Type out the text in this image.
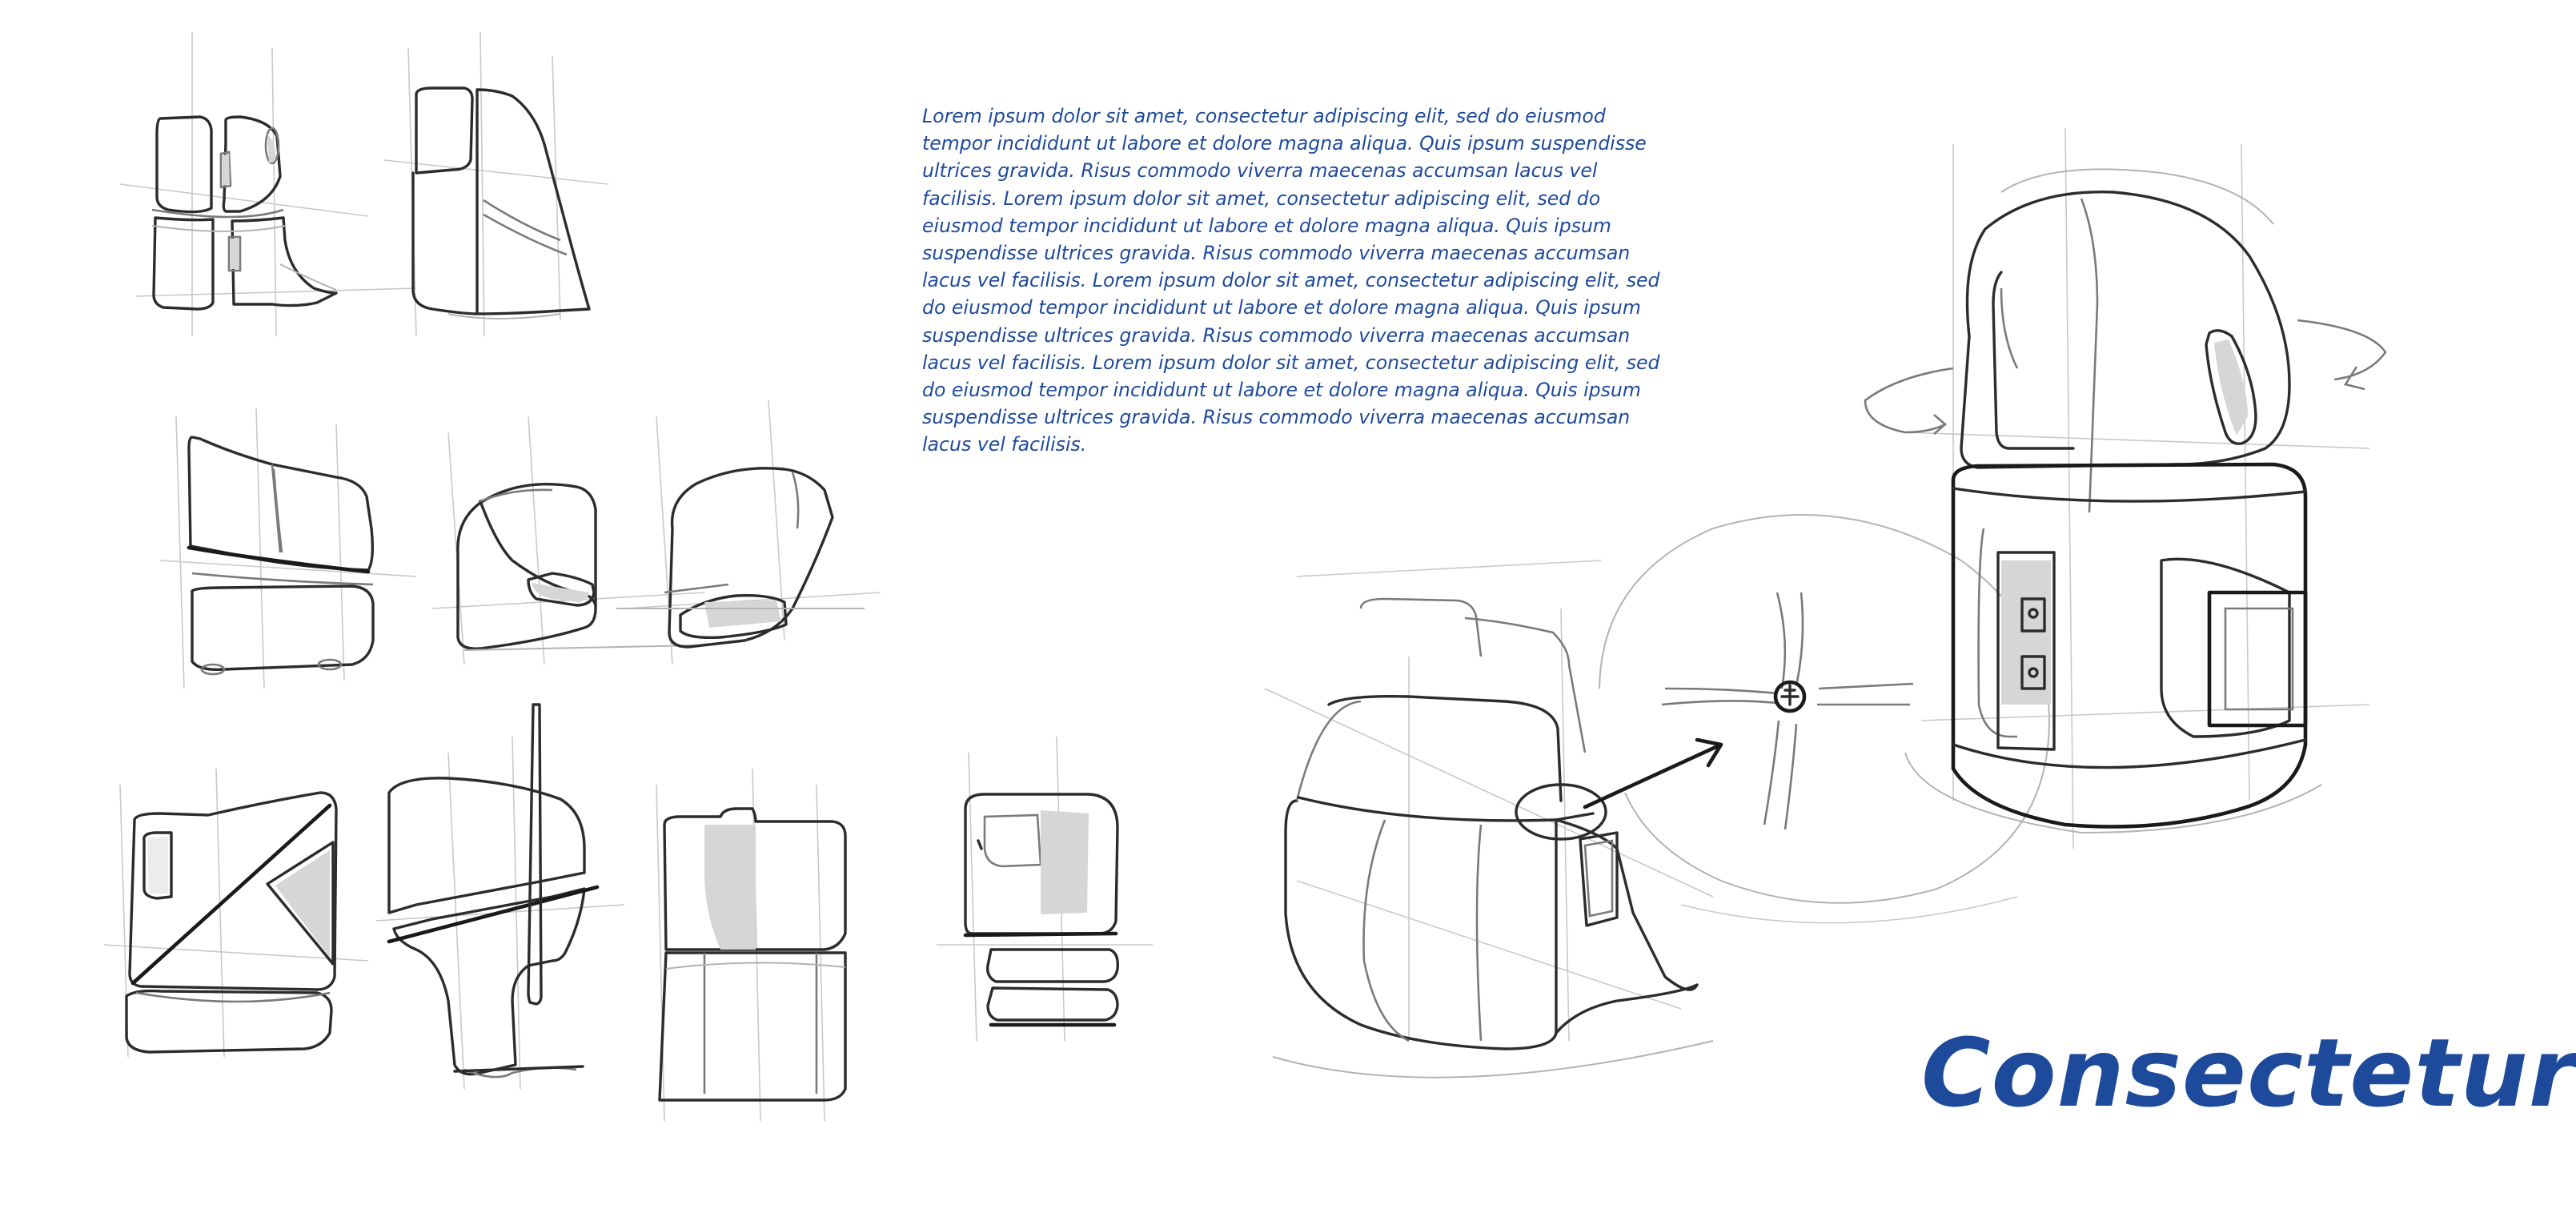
Lorem ipsum dolor sit amet, consectetur adipiscing elit, sed do eiusmod
tempor incididunt ut labore et dolore magna aliqua. Quis ipsum suspendisse
ultrices gravida. Risus commodo viverra maecenas accumsan lacus vel
facilisis. Lorem ipsum dolor sit amet, consectetur adipiscing elit, sed do
eiusmod tempor incididunt ut labore et dolore magna aliqua. Quis ipsum
suspendisse ultrices gravida. Risus commodo viverra maecenas accumsan
lacus vel facilisis. Lorem ipsum dolor sit amet, consectetur adipiscing elit, sed
do eiusmod tempor incididunt ut labore et dolore magna aliqua. Quis ipsum
suspendisse ultrices gravida. Risus commodo viverra maecenas accumsan
lacus vel facilisis. Lorem ipsum dolor sit amet, consectetur adipiscing elit, sed
do eiusmod tempor incididunt ut labore et dolore magna aliqua. Quis ipsum
suspendisse ultrices gravida. Risus commodo viverra maecenas accumsan
lacus vel facilisis.

Consectetur
